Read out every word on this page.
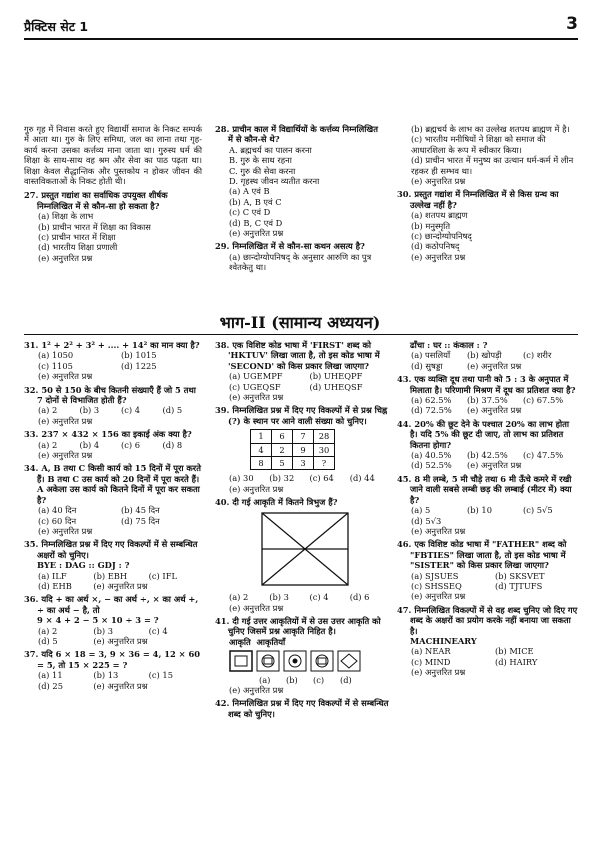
प्रैक्टिस सेट 1	3
गुरु गृह में निवास करते हुए विद्यार्थी समाज के निकट सम्पर्क में आता था। गुरु के लिए समिधा, जल का लाना तथा गृह-कार्य करना उसका कर्त्तव्य माना जाता था। गुरुस्य धर्म की शिक्षा के साथ-साथ वह श्रम और सेवा का पाठ पढ़ता था। शिक्षा केवल सैद्धान्तिक और पुस्तकोय न होकर जीवन की वास्तविकताओं के निकट होती थी।
27. प्रस्तुत गद्यांश का सर्वाधिक उपयुक्त शीर्षक निम्नलिखित में से कौन-सा हो सकता है?
(a) शिक्षा के लाभ
(b) प्राचीन भारत में शिक्षा का विकास
(c) प्राचीन भारत में शिक्षा
(d) भारतीय शिक्षा प्रणाली
(e) अनुत्तरित प्रश्न
28. प्राचीन काल में विद्यार्थियों के कर्त्तव्य निम्नलिखित में से कौन-से थे?
A. ब्रह्मचर्य का पालन करना
B. गुरु के साथ रहना
C. गुरु की सेवा करना
D. गृहस्थ जीवन व्यतीत करना
(a) A एवं B
(b) A, B एवं C
(c) C एवं D
(d) B, C एवं D
(e) अनुत्तरित प्रश्न
29. निम्नलिखित में से कौन-सा कथन असत्य है?
(a) छान्दोग्योपनिषद् के अनुसार आरुणि का पुत्र श्वेतकेतु था।
(b) ब्रह्मचर्य के लाभ का उल्लेख शतपथ ब्राह्मण में है।
(c) भारतीय मनीषियों ने शिक्षा को समाज की आधारशिला के रूप में स्वीकार किया।
(d) प्राचीन भारत में मनुष्य का उत्थान धर्म-कर्म में लीन रहकर ही सम्भव था।
(e) अनुत्तरित प्रश्न
30. प्रस्तुत गद्यांश में निम्नलिखित में से किस ग्रन्थ का उल्लेख नहीं है?
(a) शतपथ ब्राह्मण
(b) मनुस्मृति
(c) छान्दोग्योपनिषद्
(d) कठोपनिषद्
(e) अनुत्तरित प्रश्न
भाग-II (सामान्य अध्ययन)
31. 1² + 2² + 3² + .... + 14² का मान क्या है?
(a) 1050	(b) 1015
(c) 1105	(d) 1225
(e) अनुत्तरित प्रश्न
32. 50 से 150 के बीच कितनी संख्याएँ हैं जो 5 तथा 7 दोनों से विभाजित होती हैं?
(a) 2	(b) 3	(c) 4	(d) 5
(e) अनुत्तरित प्रश्न
33. 237 × 432 × 156 का इकाई अंक क्या है?
(a) 2	(b) 4	(c) 6	(d) 8
(e) अनुत्तरित प्रश्न
34. A, B तथा C किसी कार्य को 15 दिनों में पूरा करते हैं। B तथा C उस कार्य को 20 दिनों में पूरा करते हैं। A अकेला उस कार्य को कितने दिनों में पूरा कर सकता है?
(a) 40 दिन	(b) 45 दिन
(c) 60 दिन	(d) 75 दिन
(e) अनुत्तरित प्रश्न
35. निम्नलिखित प्रश्न में दिए गए विकल्पों में से सम्बन्धित अक्षरों को चुनिए।
BYE : DAG :: GDJ : ?
(a) ILF	(b) EBH	(c) IFL
(d) EHB	(e) अनुत्तरित प्रश्न
36. यदि + का अर्थ ×, − का अर्थ ÷, × का अर्थ +, ÷ का अर्थ − है, तो
9 × 4 + 2 − 5 × 10 ÷ 3 = ?
(a) 2	(b) 3	(c) 4
(d) 5	(e) अनुत्तरित प्रश्न
37. यदि 6 × 18 = 3, 9 × 36 = 4, 12 × 60 = 5, तो 15 × 225 = ?
(a) 11	(b) 13	(c) 15
(d) 25	(e) अनुत्तरित प्रश्न
38. एक विशिष्ट कोड भाषा में 'FIRST' शब्द को 'HKTUV' लिखा जाता है, तो इस कोड भाषा में 'SECOND' को किस प्रकार लिखा जाएगा?
(a) UGEMPF	(b) UHEQPF
(c) UGEQSF	(d) UHEQSF
(e) अनुत्तरित प्रश्न
39. निम्नलिखित प्रश्न में दिए गए विकल्पों में से प्रश्न चिह्न (?) के स्थान पर आने वाली संख्या को चुनिए।
1	6	7	28
4	2	9	30
8	5	3	?
(a) 30	(b) 32	(c) 64	(d) 44
(e) अनुत्तरित प्रश्न
40. दी गई आकृति में कितने त्रिभुज हैं?
(a) 2	(b) 3	(c) 4	(d) 6
(e) अनुत्तरित प्रश्न
41. दी गई उत्तर आकृतियों में से उस उत्तर आकृति को चुनिए जिसमें प्रश्न आकृति निहित है।
आकृति आकृतियाँ
(a)	(b)	(c)	(d)
(e) अनुत्तरित प्रश्न
42. निम्नलिखित प्रश्न में दिए गए विकल्पों में से सम्बन्धित शब्द को चुनिए।
ढाँचा : घर :: कंकाल : ?
(a) पसलियाँ	(b) खोपड़ी	(c) शरीर
(d) सुषड्डा	(e) अनुत्तरित प्रश्न
43. एक व्यक्ति दूध तथा पानी को 5 : 3 के अनुपात में मिलाता है। परिणामी मिश्रण में दूध का प्रतिशत क्या है?
(a) 62.5%	(b) 37.5%	(c) 67.5%
(d) 72.5%	(e) अनुत्तरित प्रश्न
44. 20% की छूट देने के पश्चात 20% का लाभ होता है। यदि 5% की छूट दी जाए, तो लाभ का प्रतिशत कितना होगा?
(a) 40.5%	(b) 42.5%	(c) 47.5%
(d) 52.5%	(e) अनुत्तरित प्रश्न
45. 8 मी लम्बे, 5 मी चौड़े तथा 6 मी ऊँचे कमरे में रखी जाने वाली सबसे लम्बी छड़ की लम्बाई (मीटर में) क्या है?
(a) 5	(b) 10	(c) 5√5
(d) 5√3
(e) अनुत्तरित प्रश्न
46. एक विशिष्ट कोड भाषा में "FATHER" शब्द को "FBTIES" लिखा जाता है, तो इस कोड भाषा में "SISTER" को किस प्रकार लिखा जाएगा?
(a) SJSUES	(b) SKSVET
(c) SHSSEQ	(d) TJTUFS
(e) अनुत्तरित प्रश्न
47. निम्नलिखित विकल्पों में से वह शब्द चुनिए जो दिए गए शब्द के अक्षरों का प्रयोग करके नहीं बनाया जा सकता है।
MACHINEARY
(a) NEAR	(b) MICE
(c) MIND	(d) HAIRY
(e) अनुत्तरित प्रश्न
